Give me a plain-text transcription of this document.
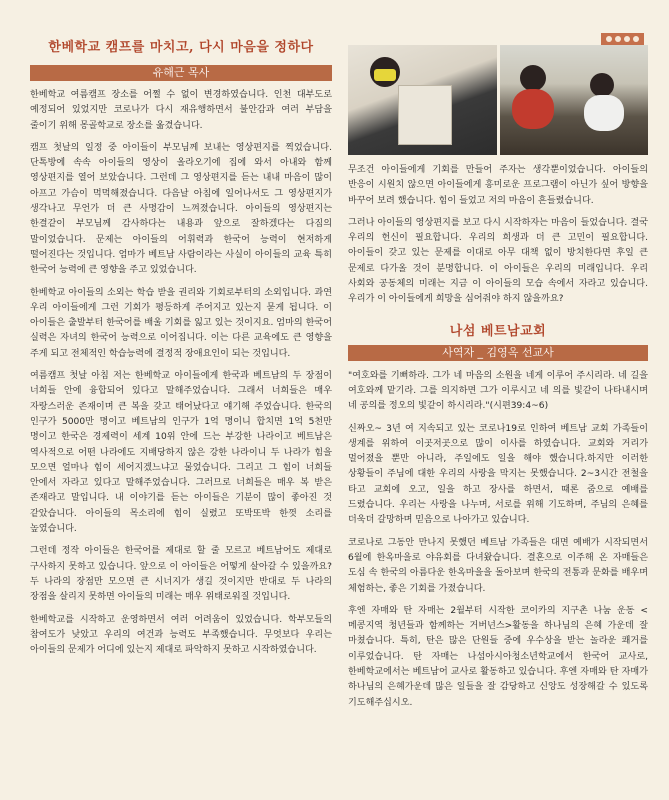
한베학교 캠프를 마치고, 다시 마음을 정하다
유해근 목사

한베학교 여름캠프 장소를 어쩔 수 없이 변경하였습니다. 인천 대부도로 예정되어 있었지만 코로나가 다시 재유행하면서 불안감과 여러 부담을 줄이기 위해 몽골학교로 장소를 옮겼습니다.

캠프 첫날의 일정 중 아이들이 부모님께 보내는 영상편지를 찍었습니다. 단톡방에 속속 아이들의 영상이 올라오기에 집에 와서 아내와 함께 영상편지를 열어 보았습니다. 그런데 그 영상편지를 듣는 내내 마음이 많이 아프고 가슴이 먹먹해졌습니다. 다음날 아침에 일어나서도 그 영상편지가 생각나고 무언가 더 큰 사명감이 느껴졌습니다. 아이들의 영상편지는 한결같이 부모님께 감사하다는 내용과 앞으로 잘하겠다는 다짐의 말이었습니다. 문제는 아이들의 어휘력과 한국어 능력이 현저하게 떨어진다는 것입니다. 엄마가 베트남 사람이라는 사실이 아이들의 교육 특히 한국어 능력에 큰 영향을 주고 있었습니다.

한베학교 아이들의 소외는 학습 받을 권리와 기회로부터의 소외입니다. 과연 우리 아이들에게 그런 기회가 평등하게 주어지고 있는지 묻게 됩니다. 이 아이들은 출발부터 한국어를 배울 기회를 잃고 있는 것이지요. 엄마의 한국어 실력은 자녀의 한국어 능력으로 이어집니다. 이는 다른 교육에도 큰 영향을 주게 되고 전체적인 학습능력에 결정적 장애요인이 되는 것입니다.

여름캠프 첫날 아침 저는 한베학교 아이들에게 한국과 베트남의 두 장점이 너희들 안에 융합되어 있다고 말해주었습니다. 그래서 너희들은 매우 자랑스러운 존재이며 큰 복을 갖고 태어났다고 얘기해 주었습니다. 한국의 인구가 5000만 명이고 베트남의 인구가 1억 명이니 합치면 1억 5천만 명이고 한국은 경제력이 세계 10위 안에 드는 부강한 나라이고 베트남은 역사적으로 어떤 나라에도 지배당하지 않은 강한 나라이니 두 나라가 힘을 모으면 얼마나 힘이 세어지겠느냐고 물었습니다. 그리고 그 힘이 너희들 안에서 자라고 있다고 말해주었습니다. 그러므로 너희들은 매우 복 받은 존재라고 말입니다. 내 이야기를 듣는 아이들은 기분이 많이 좋아진 것 같았습니다. 아이들의 목소리에 힘이 실렸고 또박또박 한껏 소리를 높였습니다.

그런데 정작 아이들은 한국어를 제대로 할 줄 모르고 베트남어도 제대로 구사하지 못하고 있습니다. 앞으로 이 아이들은 어떻게 살아갈 수 있을까요? 두 나라의 장점만 모으면 큰 시너지가 생길 것이지만 반대로 두 나라의 장점을 살리지 못하면 아이들의 미래는 매우 위태로워질 것입니다.

한베학교를 시작하고 운영하면서 여러 어려움이 있었습니다. 학부모들의 참여도가 낮았고 우리의 여건과 능력도 부족했습니다. 무엇보다 우리는 아이들의 문제가 어디에 있는지 제대로 파악하지 못하고 시작하였습니다.

무조건 아이들에게 기회를 만들어 주자는 생각뿐이었습니다. 아이들의 반응이 시원치 않으면 아이들에게 흥미로운 프로그램이 아닌가 싶어 방향을 바꾸어 보려 했습니다. 힘이 들었고 저의 마음이 흔들렸습니다.

그러나 아이들의 영상편지를 보고 다시 시작하자는 마음이 들었습니다. 결국 우리의 헌신이 필요합니다. 우리의 희생과 더 큰 고민이 필요합니다. 아이들이 갖고 있는 문제를 이대로 아무 대책 없이 방치한다면 후일 큰 문제로 다가올 것이 분명합니다. 이 아이들은 우리의 미래입니다. 우리 사회와 공동체의 미래는 지금 이 아이들의 모습 속에서 자라고 있습니다. 우리가 이 아이들에게 희망을 심어줘야 하지 않을까요?

나섬 베트남교회
사역자 _ 김영옥 선교사

"여호와를 기뻐하라. 그가 네 마음의 소원을 네게 이루어 주시리라. 네 길을 여호와께 맡기라. 그를 의지하면 그가 이루시고 네 의를 빛같이 나타내시며 네 공의를 정오의 빛같이 하시리라."(시편39:4~6)

신짜오~ 3년 여 지속되고 있는 코로나19로 인하여 베트남 교회 가족들이 생계를 위하여 이곳저곳으로 많이 이사를 하였습니다. 교회와 거리가 멀어졌을 뿐만 아니라, 주일에도 일을 해야 했습니다.하지만 이러한 상황들이 주님에 대한 우리의 사랑을 막지는 못했습니다. 2~3시간 전철을 타고 교회에 오고, 일을 하고 장사를 하면서, 때론 줌으로 예배를 드렸습니다. 우리는 사랑을 나누며, 서로를 위해 기도하며, 주님의 은혜를 더욱더 갈망하며 믿음으로 나아가고 있습니다.

코로나로 그동안 만나지 못했던 베트남 가족들은 대면 예배가 시작되면서 6월에 한옥마을로 야유회를 다녀왔습니다. 결혼으로 이주해 온 자매들은 도심 속 한국의 아름다운 한옥마을을 돌아보며 한국의 전통과 문화를 배우며 체험하는, 좋은 기회를 가졌습니다.

후엔 자매와 탄 자매는 2월부터 시작한 코이카의 지구촌 나눔 운동 <메콩지역 청년들과 함께하는 거버넌스>활동을 하나님의 은혜 가운데 잘 마쳤습니다. 특히, 탄은 많은 단원들 중에 우수상을 받는 놀라운 쾌거를 이루었습니다. 탄 자매는 나섬아시아청소년학교에서 한국어 교사로, 한베학교에서는 베트남어 교사로 활동하고 있습니다. 후엔 자매와 탄 자매가 하나님의 은혜가운데 많은 일들을 잘 감당하고 신앙도 성장해갈 수 있도록 기도해주십시오.
